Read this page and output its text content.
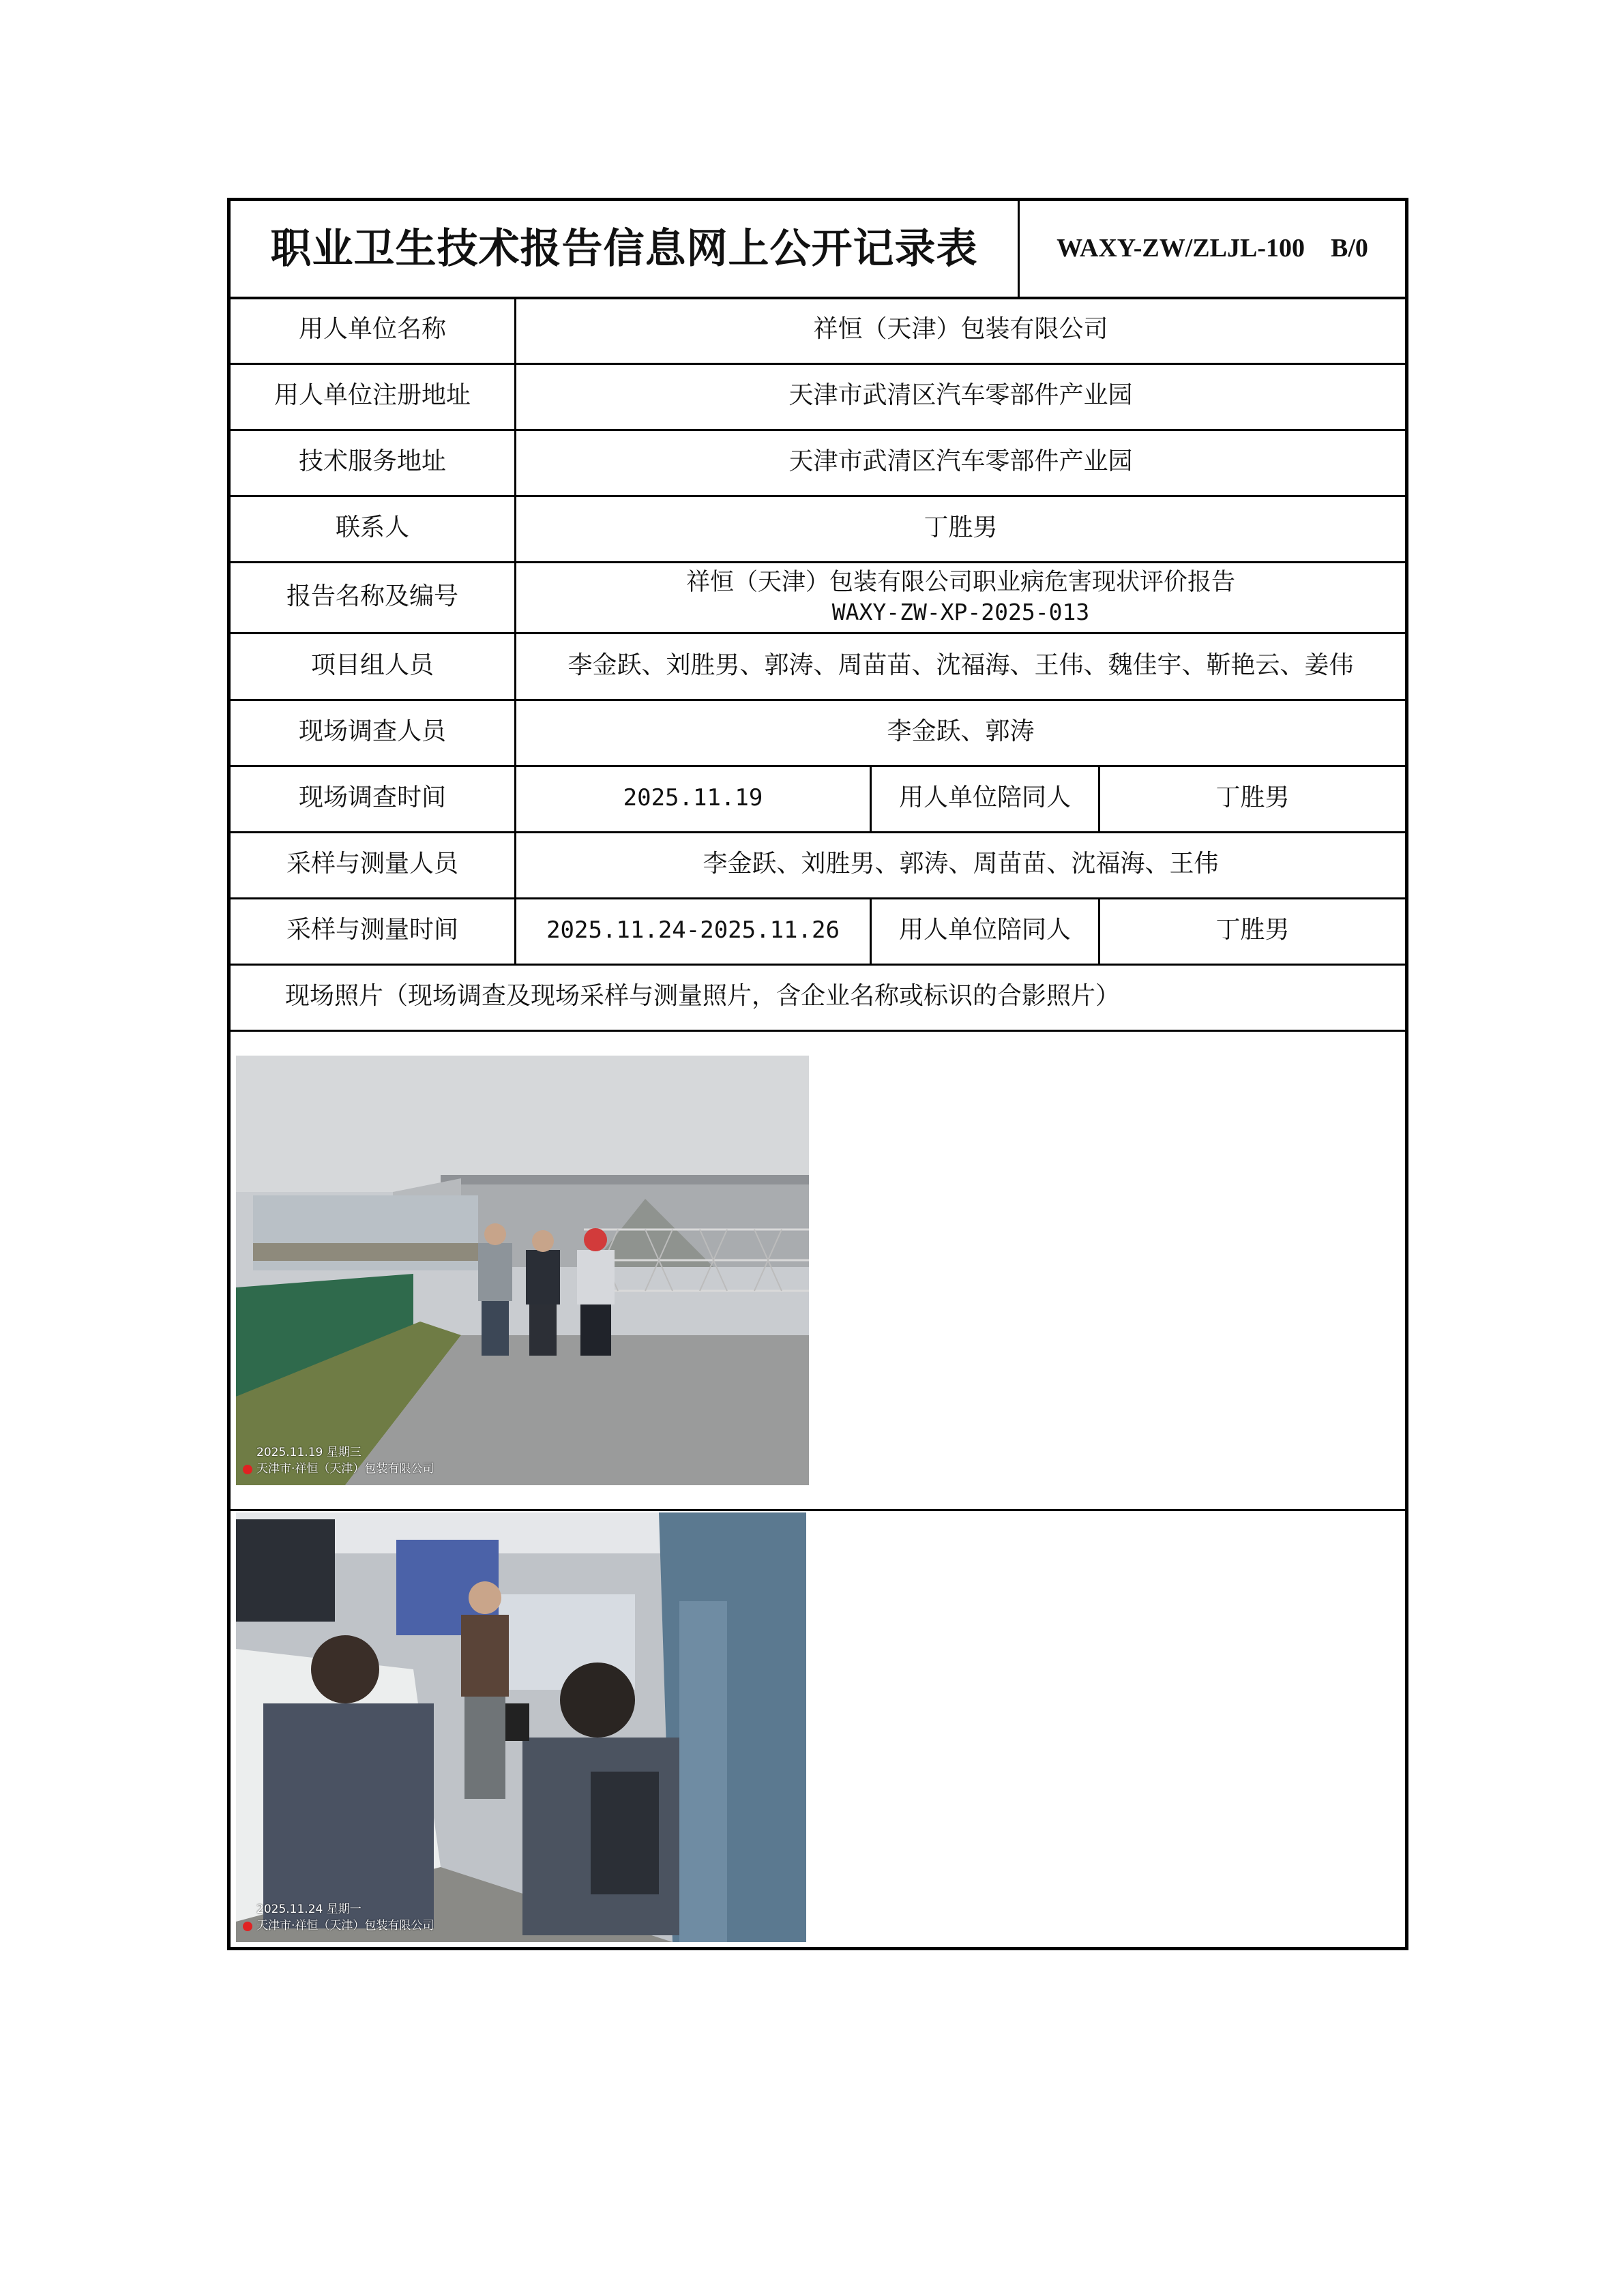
职业卫生技术报告信息网上公开记录表	WAXY-ZW/ZLJL-100    B/0
用人单位名称	祥恒（天津）包装有限公司
用人单位注册地址	天津市武清区汽车零部件产业园
技术服务地址	天津市武清区汽车零部件产业园
联系人	丁胜男
报告名称及编号	祥恒（天津）包装有限公司职业病危害现状评价报告
WAXY-ZW-XP-2025-013
项目组人员	李金跃、刘胜男、郭涛、周苗苗、沈福海、王伟、魏佳宇、靳艳云、姜伟
现场调查人员	李金跃、郭涛
现场调查时间	2025.11.19	用人单位陪同人	丁胜男
采样与测量人员	李金跃、刘胜男、郭涛、周苗苗、沈福海、王伟
采样与测量时间	2025.11.24-2025.11.26	用人单位陪同人	丁胜男
现场照片（现场调查及现场采样与测量照片，含企业名称或标识的合影照片）
2025.11.19 星期三
天津市·祥恒（天津）包装有限公司
2025.11.24 星期一
天津市·祥恒（天津）包装有限公司
